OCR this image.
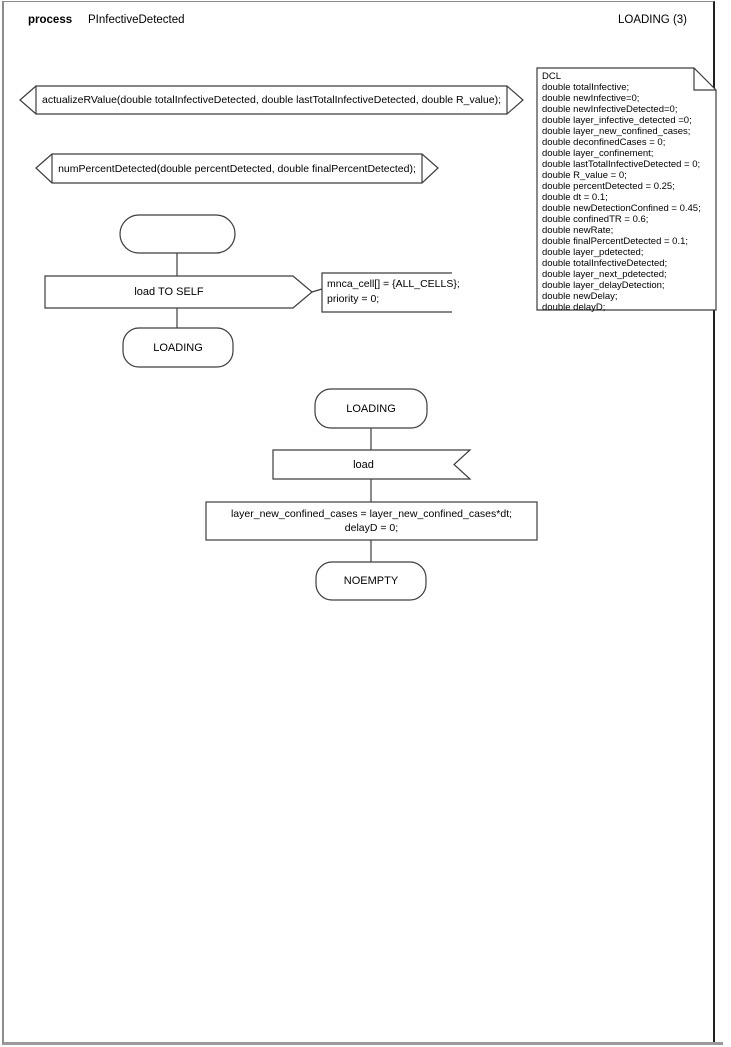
process	PInfectiveDetected	LOADING (3)
actualizeRValue(double totalInfectiveDetected, double lastTotalInfectiveDetected, double R_value);
numPercentDetected(double percentDetected, double finalPercentDetected);
DCL
double totalInfective;
double newInfective=0;
double newInfectiveDetected=0;
double layer_infective_detected =0;
double layer_new_confined_cases;
double deconfinedCases = 0;
double layer_confinement;
double lastTotalInfectiveDetected = 0;
double R_value = 0;
double percentDetected = 0.25;
double dt = 0.1;
double newDetectionConfined = 0.45;
double confinedTR = 0.6;
double newRate;
double finalPercentDetected = 0.1;
double layer_pdetected;
double totalInfectiveDetected;
double layer_next_pdetected;
double layer_delayDetection;
double newDelay;
double delayD;
load TO SELF
mnca_cell[] = {ALL_CELLS};
priority = 0;
LOADING
LOADING
load
layer_new_confined_cases = layer_new_confined_cases*dt;
delayD = 0;
NOEMPTY
